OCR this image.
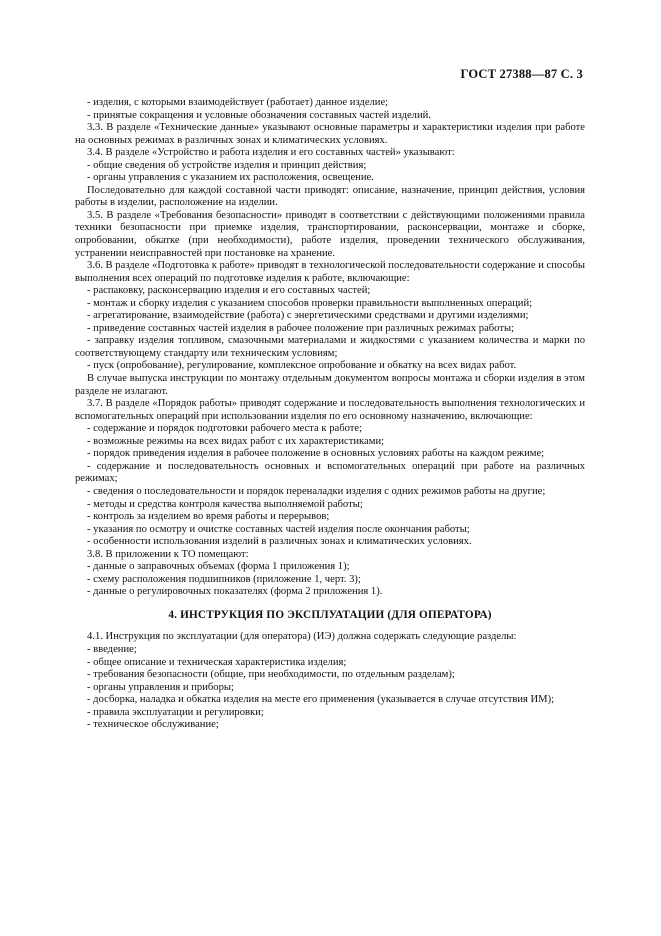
ГОСТ 27388—87 С. 3

- изделия, с которыми взаимодействует (работает) данное изделие;

- принятые сокращения и условные обозначения составных частей изделий.

3.3. В разделе «Технические данные» указывают основные параметры и характеристики изделия при работе на основных режимах в различных зонах и климатических условиях.

3.4. В разделе «Устройство и работа изделия и его составных частей» указывают:

- общие сведения об устройстве изделия и принцип действия;

- органы управления с указанием их расположения, освещение.

Последовательно для каждой составной части приводят: описание, назначение, принцип действия, условия работы в изделии, расположение на изделии.

3.5. В разделе «Требования безопасности» приводят в соответствии с действующими положениями правила техники безопасности при приемке изделия, транспортировании, расконсервации, монтаже и сборке, опробовании, обкатке (при необходимости), работе изделия, проведении технического обслуживания, устранении неисправностей при постановке на хранение.

3.6. В разделе «Подготовка к работе» приводят в технологической последовательности содержание и способы выполнения всех операций по подготовке изделия к работе, включающие:

- распаковку, расконсервацию изделия и его составных частей;

- монтаж и сборку изделия с указанием способов проверки правильности выполненных операций;

- агрегатирование, взаимодействие (работа) с энергетическими средствами и другими изделиями;

- приведение составных частей изделия в рабочее положение при различных режимах работы;

- заправку изделия топливом, смазочными материалами и жидкостями с указанием количества и марки по соответствующему стандарту или техническим условиям;

- пуск (опробование), регулирование, комплексное опробование и обкатку на всех видах работ.

В случае выпуска инструкции по монтажу отдельным документом вопросы монтажа и сборки изделия в этом разделе не излагают.

3.7. В разделе «Порядок работы» приводят содержание и последовательность выполнения технологических и вспомогательных операций при использовании изделия по его основному назначению, включающие:

- содержание и порядок подготовки рабочего места к работе;

- возможные режимы на всех видах работ с их характеристиками;

- порядок приведения изделия в рабочее положение в основных условиях работы на каждом режиме;

- содержание и последовательность основных и вспомогательных операций при работе на различных режимах;

- сведения о последовательности и порядок переналадки изделия с одних режимов работы на другие;

- методы и средства контроля качества выполняемой работы;

- контроль за изделием во время работы и перерывов;

- указания по осмотру и очистке составных частей изделия после окончания работы;

- особенности использования изделий в различных зонах и климатических условиях.

3.8. В приложении к ТО помещают:

- данные о заправочных объемах (форма 1 приложения 1);

- схему расположения подшипников (приложение 1, черт. 3);

- данные о регулировочных показателях (форма 2 приложения 1).

4. ИНСТРУКЦИЯ ПО ЭКСПЛУАТАЦИИ (ДЛЯ ОПЕРАТОРА)

4.1. Инструкция по эксплуатации (для оператора) (ИЭ) должна содержать следующие разделы:

- введение;

- общее описание и техническая характеристика изделия;

- требования безопасности (общие, при необходимости, по отдельным разделам);

- органы управления и приборы;

- досборка, наладка и обкатка изделия на месте его применения (указывается в случае отсутствия ИМ);

- правила эксплуатации и регулировки;

- техническое обслуживание;
